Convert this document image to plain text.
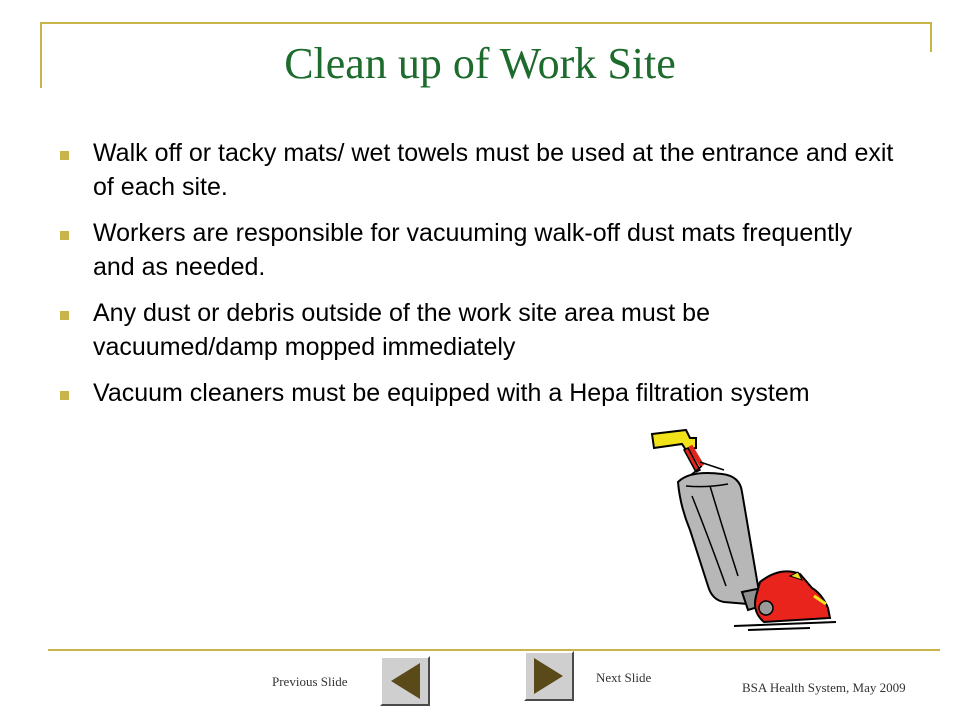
Clean up of Work Site
Walk off or tacky mats/ wet towels must be used at the entrance and exit of each site.
Workers are responsible for vacuuming walk-off dust mats frequently and as needed.
Any dust or debris outside of the work site area must be vacuumed/damp mopped immediately
Vacuum cleaners must be equipped with a Hepa filtration system
Previous Slide	Next Slide
BSA Health System, May 2009
